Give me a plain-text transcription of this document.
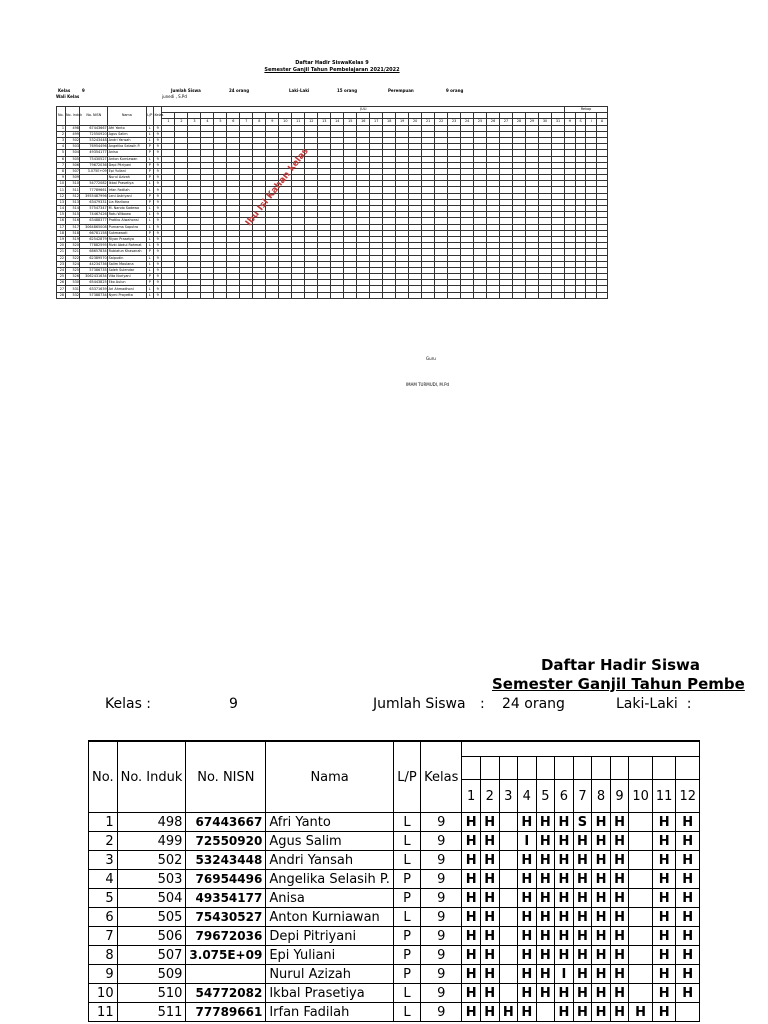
Daftar Hadir SiswaKelas 9
Semester Ganjil Tahun Pembelajaran 2021/2022
Kelas	9
Wali Kelas	junedi , S.Pd
Jumlah Siswa	24 orang	Laki-Laki	15 orang	Perempuan	9 orang
No.	No. Induk	No. NISN	Nama	L/P	Kelas	JULI																															Rekap			

						1	2	3	4	5	6	7	8	9	10	11	12	13	14	15	16	17	18	19	20	21	22	23	24	25	26	27	28	29	30	31	H	S	I	A
1	498	67443667	Afri Yanto	L	9																																			
2	499	72550920	Agus Salim	L	9																																			
3	502	53243448	Andri Yansah	L	9																																			
4	503	76954496	Angelika Selasih P.	P	9																																			
5	504	49354177	Anisa	P	9																																			
6	505	75430527	Anton Kurniawan	L	9																																			
7	506	79672036	Depi Pitriyani	P	9																																			
8	507	3.075E+09	Epi Yuliani	P	9																																			
9	509		Nurul Azizah	P	9																																			
10	510	54772082	Ikbal Prasetiya	L	9																																			
11	511	77789661	Irfan Fadilah	L	9																																			
12	512	3955487996	Leni Astriyani	P	9																																			
13	513	63479331	Lia Marliana	P	9																																			
14	514	57547347	M. Nando Sadewa	L	9																																			
15	515	74467426	Ratu Wibowo	L	9																																			
16	516	63488377	Pratiko Alwahonsi	L	9																																			
17	517	3064865008	Purnama Saputra	L	9																																			
18	518	66781158	Sukmawati	P	9																																			
19	519	62542879	Riyan Prasetyo	L	9																																			
20	520	77882595	Rizki Abdul Rohmat	L	9																																			
21	521	68657834	Rubiatun Khasanah	P	9																																			
22	522	62389570	Saipudin	L	9																																			
23	524	44234736	Salim Maulana	L	9																																			
24	525	57386735	Soleh Sulendar	L	9																																			
25	526	3062431634	Vita Nuriyani	P	9																																			
26	530	65443825	Eko Aulun	P	9																																			
27	531	63371639	Ari Ahmadhoni	L	9																																			
28	532	57388734	Nymi Prayetta	L	9																																			
Ibu Isi Kahan kelas
Guru
IMAM TURMUDI, M.Pd
Daftar Hadir Siswa
Semester Ganjil Tahun Pembe
Kelas :	9	Jumlah Siswa : 24 orang	Laki-Laki  :
No.	No. Induk	No. NISN	Nama	L/P	Kelas												

						1	2	3	4	5	6	7	8	9	10	11	12
1	498	67443667	Afri Yanto	L	9	H	H		H	H	H	S	H	H		H	H
2	499	72550920	Agus Salim	L	9	H	H		I	H	H	H	H	H		H	H
3	502	53243448	Andri Yansah	L	9	H	H		H	H	H	H	H	H		H	H
4	503	76954496	Angelika Selasih P.	P	9	H	H		H	H	H	H	H	H		H	H
5	504	49354177	Anisa	P	9	H	H		H	H	H	H	H	H		H	H
6	505	75430527	Anton Kurniawan	L	9	H	H		H	H	H	H	H	H		H	H
7	506	79672036	Depi Pitriyani	P	9	H	H		H	H	H	H	H	H		H	H
8	507	3.075E+09	Epi Yuliani	P	9	H	H		H	H	H	H	H	H		H	H
9	509		Nurul Azizah	P	9	H	H		H	H	I	H	H	H		H	H
10	510	54772082	Ikbal Prasetiya	L	9	H	H		H	H	H	H	H	H		H	H
11	511	77789661	Irfan Fadilah	L	9	H	H	H	H		H	H	H	H	H	H	
